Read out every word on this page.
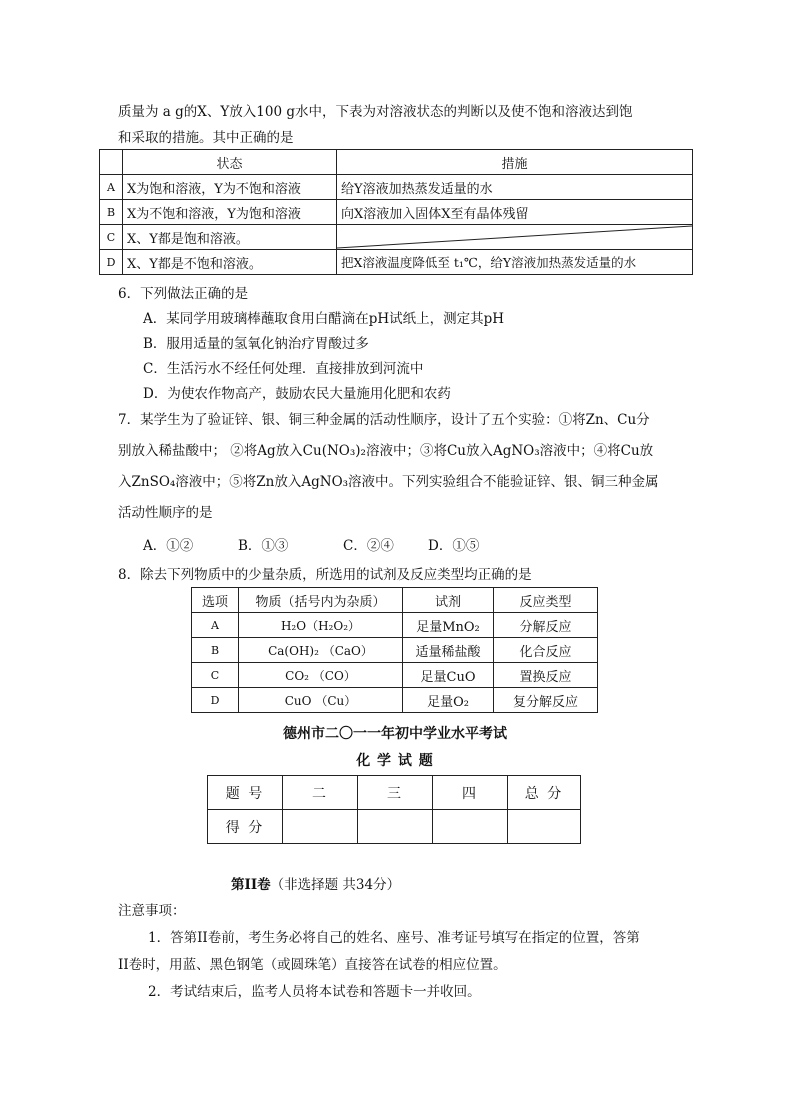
质量为 a g的X、Y放入100 g水中，下表为对溶液状态的判断以及使不饱和溶液达到饱
和采取的措施。其中正确的是
	状态	措施
A	X为饱和溶液，Y为不饱和溶液	给Y溶液加热蒸发适量的水
B	X为不饱和溶液，Y为饱和溶液	向X溶液加入固体X至有晶体残留
C	X、Y都是饱和溶液。	

D	X、Y都是不饱和溶液。	把X溶液温度降低至 t₁℃，给Y溶液加热蒸发适量的水
6．下列做法正确的是
A．某同学用玻璃棒蘸取食用白醋滴在pH试纸上，测定其pH
B．服用适量的氢氧化钠治疗胃酸过多
C．生活污水不经任何处理．直接排放到河流中
D．为使农作物高产，鼓励农民大量施用化肥和农药
7．某学生为了验证锌、银、铜三种金属的活动性顺序，设计了五个实验：①将Zn、Cu分
别放入稀盐酸中； ②将Ag放入Cu(NO₃)₂溶液中；③将Cu放入AgNO₃溶液中；④将Cu放
入ZnSO₄溶液中；⑤将Zn放入AgNO₃溶液中。下列实验组合不能验证锌、银、铜三种金属
活动性顺序的是
A．①②	B．①③	C．②④	D．①⑤
8．除去下列物质中的少量杂质，所选用的试剂及反应类型均正确的是
选项	物质（括号内为杂质）	试剂	反应类型
A	H₂O（H₂O₂）	足量MnO₂	分解反应
B	Ca(OH)₂ （CaO）	适量稀盐酸	化合反应
C	CO₂ （CO）	足量CuO	置换反应
D	CuO （Cu）	足量O₂	复分解反应
德州市二〇一一年初中学业水平考试
化 学 试 题
题 号	二	三	四	总 分
得 分				
第II卷（非选择题 共34分）
注意事项：
1．答第II卷前，考生务必将自己的姓名、座号、准考证号填写在指定的位置，答第
II卷时，用蓝、黑色钢笔（或圆珠笔）直接答在试卷的相应位置。
2．考试结束后，监考人员将本试卷和答题卡一并收回。
